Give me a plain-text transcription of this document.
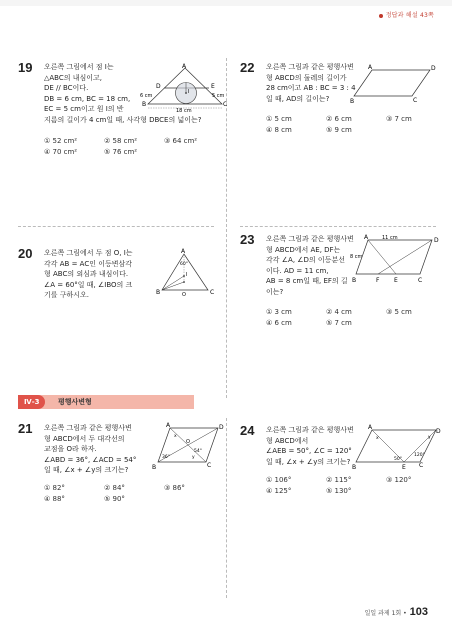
정답과 해설 43쪽
19 오른쪽 그림에서 점 I는
△ABC의 내심이고,
DE // BC이다.
DB = 6 cm, BC = 18 cm,
EC = 5 cm이고 원 I의 반
지름의 길이가 4 cm일 때, 사각형 DBCE의 넓이는?
① 52 cm²	② 58 cm²	③ 64 cm²
④ 70 cm²	⑤ 76 cm²
A
D	E
B	C
I
6 cm	5 cm
18 cm
22 오른쪽 그림과 같은 평행사변
형 ABCD의 둘레의 길이가
28 cm이고 AB : BC = 3 : 4
일 때, AD의 길이는?
① 5 cm	② 6 cm	③ 7 cm
④ 8 cm	⑤ 9 cm
A	D
B	C
20 오른쪽 그림에서 두 점 O, I는
각각 AB = AC인 이등변삼각
형 ABC의 외심과 내심이다.
∠A = 60°일 때, ∠IBO의 크
기를 구하시오.
A
60°
B	C
I
O
23 오른쪽 그림과 같은 평행사변
형 ABCD에서 AE, DF는
각각 ∠A, ∠D의 이등분선
이다. AD = 11 cm,
AB = 8 cm일 때, EF의 길
이는?
① 3 cm	② 4 cm	③ 5 cm
④ 6 cm	⑤ 7 cm
A	D
11 cm
8 cm
B	F E	C
Ⅳ-3	평행사변형
21 오른쪽 그림과 같은 평행사변
형 ABCD에서 두 대각선의
교점을 O라 하자.
∠ABD = 36°, ∠ACD = 54°
일 때, ∠x + ∠y의 크기는?
① 82°	② 84°	③ 86°
④ 88°	⑤ 90°
A	D
B	C
O
x
y
36°
54°
24 오른쪽 그림과 같은 평행사변
형 ABCD에서
∠AEB = 50°, ∠C = 120°
일 때, ∠x + ∠y의 크기는?
① 106°	② 115°	③ 120°
④ 125°	⑤ 130°
A
D
B	E C
x	y
50°
120°
일일 과제 1회 • 103
